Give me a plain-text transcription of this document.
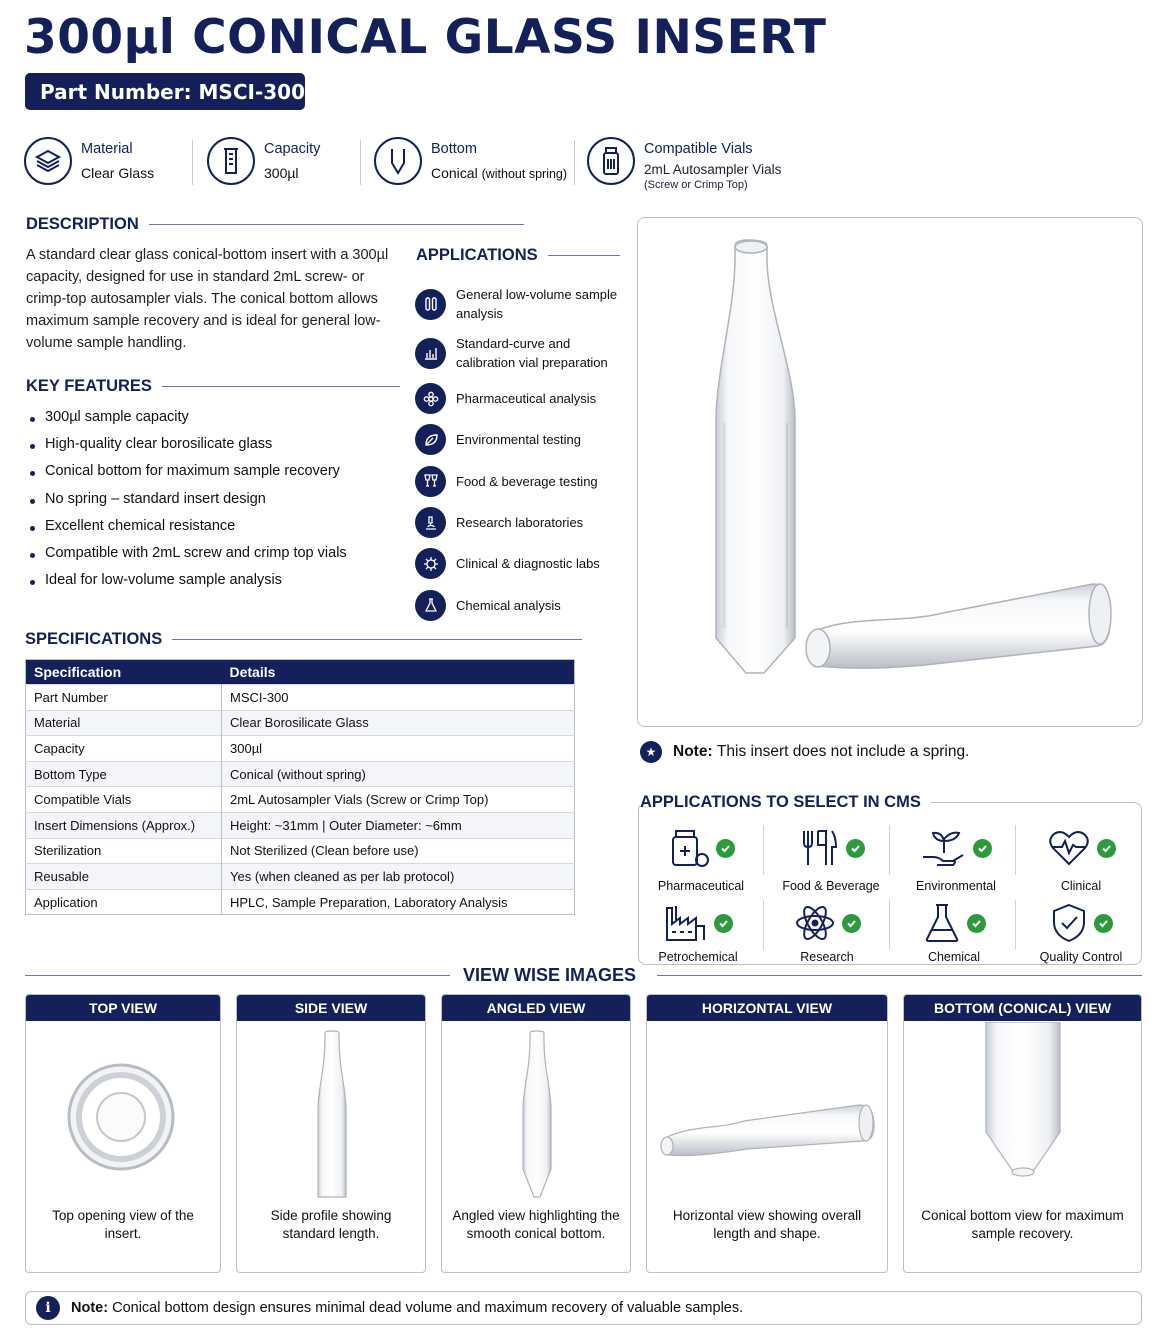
300µl CONICAL GLASS INSERT
Part Number: MSCI-300
Material
Clear Glass
Capacity
300µl
Bottom
Conical (without spring)
Compatible Vials
2mL Autosampler Vials
(Screw or Crimp Top)
DESCRIPTION
A standard clear glass conical-bottom insert with a 300µl capacity, designed for use in standard 2mL screw- or crimp-top autosampler vials. The conical bottom allows maximum sample recovery and is ideal for general low-volume sample handling.
KEY FEATURES
300µl sample capacity
High-quality clear borosilicate glass
Conical bottom for maximum sample recovery
No spring – standard insert design
Excellent chemical resistance
Compatible with 2mL screw and crimp top vials
Ideal for low-volume sample analysis
APPLICATIONS
General low-volume sample analysis
Standard-curve and calibration vial preparation
Pharmaceutical analysis
Environmental testing
Food & beverage testing
Research laboratories
Clinical & diagnostic labs
Chemical analysis
SPECIFICATIONS
Specification	Details
Part Number	MSCI-300
Material	Clear Borosilicate Glass
Capacity	300µl
Bottom Type	Conical (without spring)
Compatible Vials	2mL Autosampler Vials (Screw or Crimp Top)
Insert Dimensions (Approx.)	Height: ~31mm | Outer Diameter: ~6mm
Sterilization	Not Sterilized (Clean before use)
Reusable	Yes (when cleaned as per lab protocol)
Application	HPLC, Sample Preparation, Laboratory Analysis
★	Note:
This insert does not include a spring.
APPLICATIONS TO SELECT IN CMS
Pharmaceutical	Food & Beverage	Environmental	Clinical
Petrochemical	Research	Chemical	Quality Control
VIEW WISE IMAGES
TOP VIEW
Top opening view of the insert.
SIDE VIEW
Side profile showing standard length.
ANGLED VIEW
Angled view highlighting the smooth conical bottom.
HORIZONTAL VIEW
Horizontal view showing overall length and shape.
BOTTOM (CONICAL) VIEW
Conical bottom view for maximum sample recovery.
i	Note:
Conical bottom design ensures minimal dead volume and maximum recovery of valuable samples.
